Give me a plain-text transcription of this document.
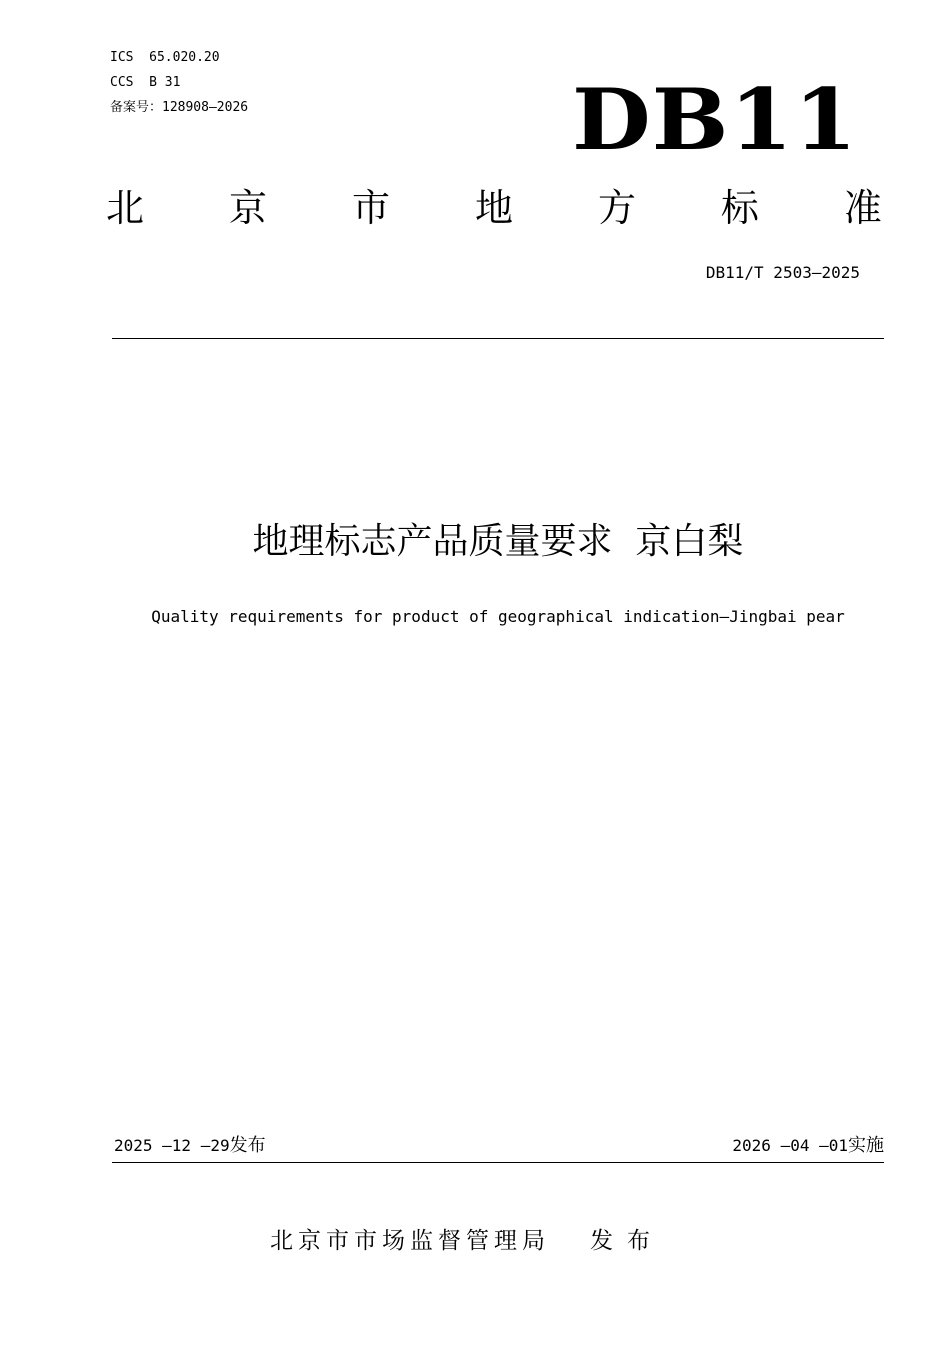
ICS  65.020.20
CCS  B 31
备案号：128908—2026	DB11
北 京 市 地 方 标 准
DB11/T 2503—2025
地理标志产品质量要求  京白梨
Quality requirements for product of geographical indication—Jingbai pear
2025 —12 —29发布	2026 —04 —01实施
北京市市场监督管理局 发布
